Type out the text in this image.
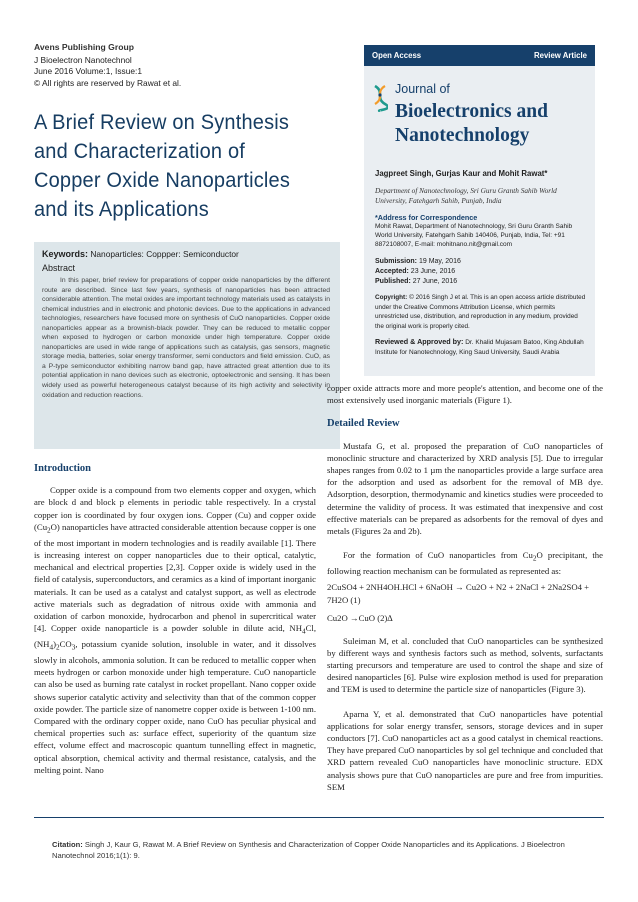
Avens Publishing Group
J Bioelectron Nanotechnol
June 2016 Volume:1, Issue:1
© All rights are reserved by Rawat et al.
A Brief Review on Synthesis and Characterization of Copper Oxide Nanoparticles and its Applications
Open Access	Review Article
Journal of
Bioelectronics and
Nanotechnology
Jagpreet Singh, Gurjas Kaur and Mohit Rawat*
Department of Nanotechnology, Sri Guru Granth Sahib World University, Fatehgarh Sahib, Punjab, India
*Address for Correspondence
Mohit Rawat, Department of Nanotechnology, Sri Guru Granth Sahib World University, Fatehgarh Sahib 140406, Punjab, India, Tel: +91 8872108007, E-mail: mohitnano.nit@gmail.com
Submission: 19 May, 2016
Accepted: 23 June, 2016
Published: 27 June, 2016
Copyright: © 2016 Singh J et al. This is an open access article distributed under the Creative Commons Attribution License, which permits unrestricted use, distribution, and reproduction in any medium, provided the original work is properly cited.
Reviewed & Approved by: Dr. Khalid Mujasam Batoo, King Abdullah Institute for Nanotechnology, King Saud University, Saudi Arabia
Keywords: Nanoparticles: Coppper: Semiconductor
Abstract

In this paper, brief review for preparations of copper oxide nanoparticles by the different route are described. Since last few years, synthesis of nanoparticles has been attracted considerable attention. The metal oxides are important technology materials used as catalysts in chemical industries and in electronic and photonic devices. Due to the applications in advanced technologies, researchers have focused more on synthesis of CuO nanoparticles. Copper oxide nanoparticles appear as a brownish-black powder. They can be reduced to metallic copper when exposed to hydrogen or carbon monoxide under high temperature. Copper oxide nanoparticles are used in wide range of applications such as catalysis, gas sensors, magnetic storage media, batteries, solar energy transformer, semi conductors and field emission. CuO, as a P-type semiconductor exhibiting narrow band gap, have attracted great attention due to its potential application in nano devices such as electronic, optoelectronic and sensing. It has been widely used as powerful heterogeneous catalyst because of its high activity and selectivity in oxidation and reduction reactions.

Introduction

Copper oxide is a compound from two elements copper and oxygen, which are block d and block p elements in periodic table respectively. In a crystal copper ion is coordinated by four oxygen ions. Copper (Cu) and copper oxide $(Cu_2O)$ nanoparticles have attracted considerable attention because copper is one of the most important in modern technologies and is readily available [1]. There is increasing interest on copper nanoparticles due to their optical, catalytic, mechanical and electrical properties [2,3]. Copper oxide is widely used in the field of catalysis, superconductors, and ceramics as a kind of important inorganic materials. It can be used as a catalyst and catalyst support, as well as electrode active materials such as degradation of nitrous oxide with ammonia and oxidation of carbon monoxide, hydrocarbon and phenol in supercritical water [4]. Copper oxide nanoparticle is a powder soluble in dilute acid, $NH_4Cl$, $(NH_4)_2CO_3$, potassium cyanide solution, insoluble in water, and it dissolves slowly in alcohols, ammonia solution. It can be reduced to metallic copper when meets hydrogen or carbon monoxide under high temperature. CuO nanoparticle can also be used as burning rate catalyst in rocket propellant. Nano copper oxide shows superior catalytic activity and selectivity than that of the common copper oxide powder. The particle size of nanometre copper oxide is between 1-100 nm. Compared with the ordinary copper oxide, nano CuO has peculiar physical and chemical properties such as: surface effect, superiority of the quantum size effect, volume effect and macroscopic quantum tunnelling effect in magnetic, optical absorption, chemical activity and thermal resistance, catalysis, and the melting point. Nano

copper oxide attracts more and more people's attention, and become one of the most extensively used inorganic materials (Figure 1).

Detailed Review

Mustafa G, et al. proposed the preparation of CuO nanoparticles of monoclinic structure and characterized by XRD analysis [5]. Due to irregular shapes ranges from 0.02 to 1 µm the nanoparticles provide a large surface area for the adsorption and used as adsorbent for the removal of MB dye. Adsorption, desorption, thermodynamic and kinetics studies were proceeded to determine the validity of process. It was estimated that inexpensive and cost effective materials can be prepared as adsorbents for the removal of dyes and metals (Figures 2a and 2b).

For the formation of CuO nanoparticles from $Cu_2O$ precipitant, the following reaction mechanism can be formulated as represented as:

2CuSO4 + 2NH4OH.HCl + 6NaOH → Cu2O + N2 + 2NaCl + 2Na2SO4 + 7H2O (1)
Cu2O →CuO (2)∆

Suleiman M, et al. concluded that CuO nanoparticles can be synthesized by different ways and synthesis factors such as method, solvents, surfactants starting precursors and temperature are used to control the shape and size of desired nanoparticles [6]. Pulse wire explosion method is used for preparation and TEM is used to determine the particle size of nanoparticles (Figure 3).

Aparna Y, et al. demonstrated that CuO nanoparticles have potential applications for solar energy transfer, sensors, storage devices and in super conductors [7]. CuO nanoparticles act as a good catalyst in chemical reactions. They have prepared CuO nanoparticles by sol gel technique and concluded that XRD pattern revealed CuO nanoparticles have monoclinic structure. EDX analysis shows pure that CuO nanoparticles are pure and free from impurities. SEM

Citation: Singh J, Kaur G, Rawat M. A Brief Review on Synthesis and Characterization of Copper Oxide Nanoparticles and its Applications. J Bioelectron Nanotechnol 2016;1(1): 9.
